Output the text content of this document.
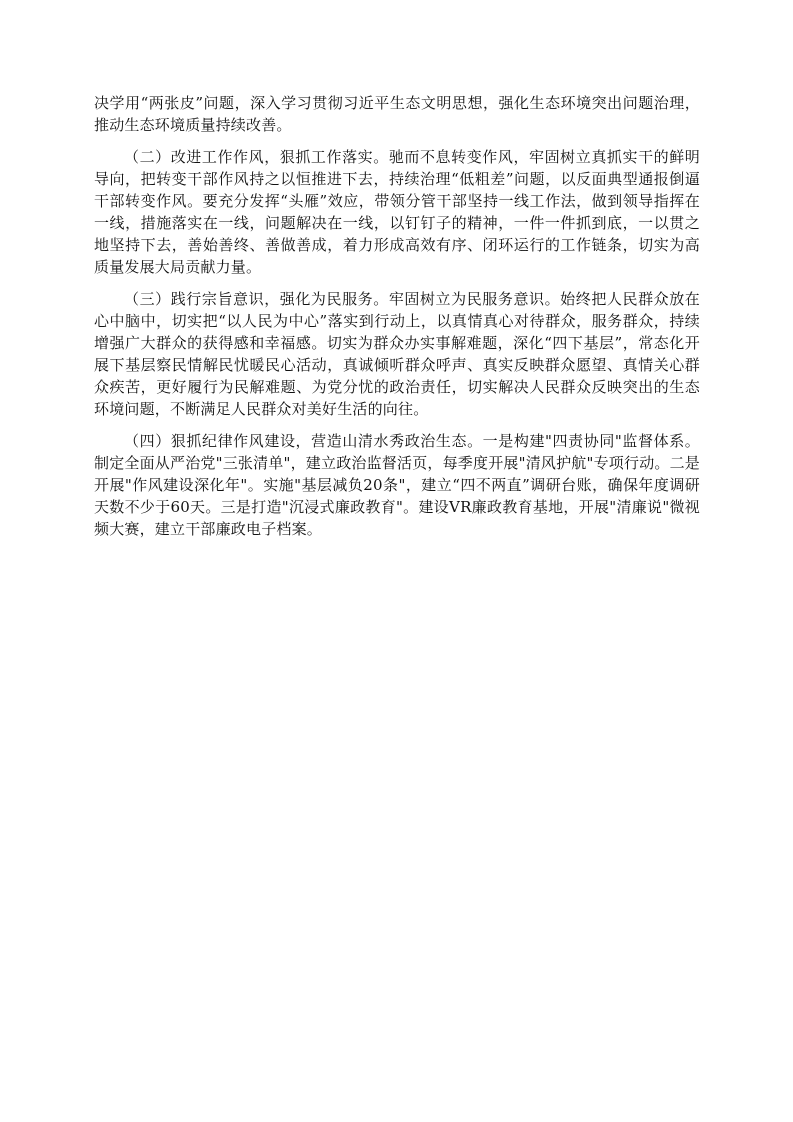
决学用“两张皮”问题，深入学习贯彻习近平生态文明思想，强化生态环境突出问题治理，推动生态环境质量持续改善。

（二）改进工作作风，狠抓工作落实。驰而不息转变作风，牢固树立真抓实干的鲜明导向，把转变干部作风持之以恒推进下去，持续治理“低粗差”问题，以反面典型通报倒逼干部转变作风。要充分发挥“头雁”效应，带领分管干部坚持一线工作法，做到领导指挥在一线，措施落实在一线，问题解决在一线，以钉钉子的精神，一件一件抓到底，一以贯之地坚持下去，善始善终、善做善成，着力形成高效有序、闭环运行的工作链条，切实为高质量发展大局贡献力量。

（三）践行宗旨意识，强化为民服务。牢固树立为民服务意识。始终把人民群众放在心中脑中，切实把“以人民为中心”落实到行动上，以真情真心对待群众，服务群众，持续增强广大群众的获得感和幸福感。切实为群众办实事解难题，深化“四下基层”，常态化开展下基层察民情解民忧暖民心活动，真诚倾听群众呼声、真实反映群众愿望、真情关心群众疾苦，更好履行为民解难题、为党分忧的政治责任，切实解决人民群众反映突出的生态环境问题，不断满足人民群众对美好生活的向往。

（四）狠抓纪律作风建设，营造山清水秀政治生态。一是构建"四责协同"监督体系。制定全面从严治党"三张清单"，建立政治监督活页，每季度开展"清风护航"专项行动。二是开展"作风建设深化年"。实施"基层减负20条"，建立“四不两直”调研台账，确保年度调研天数不少于60天。三是打造"沉浸式廉政教育"。建设VR廉政教育基地，开展"清廉说"微视频大赛，建立干部廉政电子档案。
